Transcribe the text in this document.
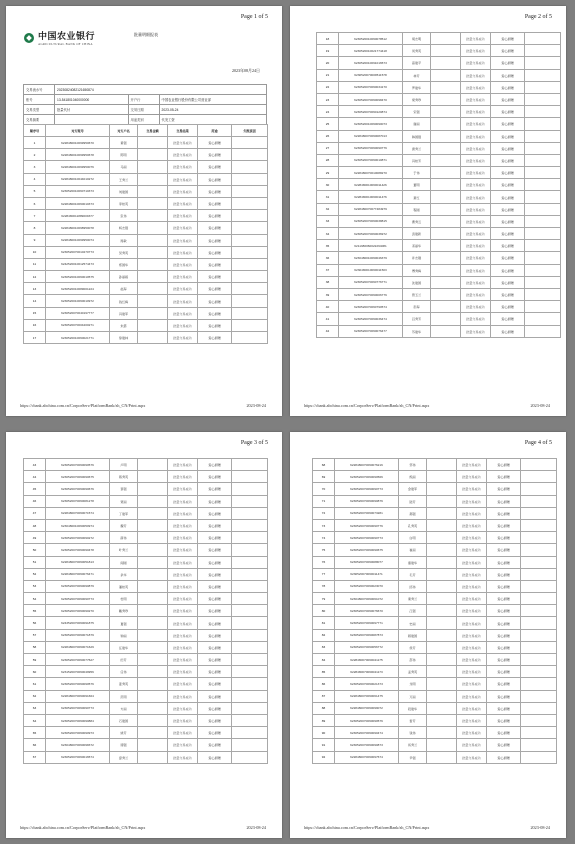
Page 1 of 5
中国农业银行
AGRICULTURAL BANK OF CHINA
批量明细报表
2023年08月24日
交易流水号	20230824082121650874		
账号	13-541801040000000	开户行	中国农业银行股份有限公司营业部
交易类型	批量代付	交易日期	2023-05-24
交易摘要		用途类别	代发工资
顺序号	对方账号	对方户名	交易金额	交易结果	用途	失败原因
1	6228480010099950670	黄强		批量交易成功	爱心捐赠	
2	6228480010099950678	陈明		批量交易成功	爱心捐赠	
3	6228480010099950076	马丽		批量交易成功	爱心捐赠	
4	6228480010044010272	王秀兰		批量交易成功	爱心捐赠	
5	6230520010060710373	刘建国		批量交易成功	爱心捐赠	
6	6228480010060010373	李桂英		批量交易成功	爱心捐赠	
7	6228480011889009377	张伟		批量交易成功	爱心捐赠	
8	6228480010098950078	杨志强		批量交易成功	爱心捐赠	
9	6228480010099950074	周敏		批量交易成功	爱心捐赠	
10	6230520070010270773	吴秀英		批量交易成功	爱心捐赠	
11	6242520010012574473	郑国华		批量交易成功	爱心捐赠	
12	6230520010060010575	孙丽娟		批量交易成功	爱心捐赠	
13	6230520010089001224	赵海		批量交易成功	爱心捐赠	
14	6230520010060010972	钱红梅		批量交易成功	爱心捐赠	
15	6230520070040197777	冯建军		批量交易成功	爱心捐赠	
16	6230520070004200271	朱霞		批量交易成功	爱心捐赠	
17	6230520010060021771	徐建林		批量交易成功	爱心捐赠	
https://cbank.abchina.com.cn/CorporServ/PlatformBank/zh_CN/Print.aspx	2023-08-24
Page 2 of 5
18	6230520010060078512	胡志明		批量交易成功	爱心捐赠	
19	6230520010021774418	何秀英		批量交易成功	爱心捐赠	
20	6230520010091016573	高建平		批量交易成功	爱心捐赠	
21	6230520070009511578	林芳		批量交易成功	爱心捐赠	
22	6230520070060034170	罗建华		批量交易成功	爱心捐赠	
23	6230520070060098470	梁秀珍		批量交易成功	爱心捐赠	
24	6230520070060120874	宋强		批量交易成功	爱心捐赠	
25	6230520010060090073	谢丽		批量交易成功	爱心捐赠	
26	6228480070060087013	韩国强		批量交易成功	爱心捐赠	
27	6230520070060090776	唐秀兰		批量交易成功	爱心捐赠	
28	6230520070060010871	冯桂芳		批量交易成功	爱心捐赠	
29	6228480070010088270	于伟		批量交易成功	爱心捐赠	
30	6228480010060011426	董明		批量交易成功	爱心捐赠	
31	6228480010060011476	萧红		批量交易成功	爱心捐赠	
32	6228480070077484979	程刚		批量交易成功	爱心捐赠	
33	6230520070060038815	曹秀云		批量交易成功	爱心捐赠	
34	6230520070060036972	袁建新		批量交易成功	爱心捐赠	
35	6211380060022294081	邓丽华		批量交易成功	爱心捐赠	
36	6230480010060046379	许志刚		批量交易成功	爱心捐赠	
37	6230480010060011503	傅秀梅		批量交易成功	爱心捐赠	
38	6230520070060776771	沈建国		批量交易成功	爱心捐赠	
39	6230520070060006776	曾玉兰		批量交易成功	爱心捐赠	
40	6230520070060790574	彭海		批量交易成功	爱心捐赠	
41	6230520070060036474	吕秀芳		批量交易成功	爱心捐赠	
42	6230520070060076477	苏建华		批量交易成功	爱心捐赠	
https://cbank.abchina.com.cn/CorporServ/PlatformBank/zh_CN/Print.aspx	2023-08-24
Page 3 of 5
43	6230520070060090576	卢明		批量交易成功	爱心捐赠	
44	6230520070060090675	蒋秀英		批量交易成功	爱心捐赠	
45	6230520070060090676	蔡强		批量交易成功	爱心捐赠	
46	6230520070060081278	贾丽		批量交易成功	爱心捐赠	
47	6228480070060071574	丁建军		批量交易成功	爱心捐赠	
48	6230480010060050974	魏芳		批量交易成功	爱心捐赠	
49	6230520070060090272	薛伟		批量交易成功	爱心捐赠	
50	6230520070060090478	叶秀兰		批量交易成功	爱心捐赠	
51	6228480070060051813	阎刚		批量交易成功	爱心捐赠	
52	6228480070060076471	余华		批量交易成功	爱心捐赠	
53	6230520070060090879	潘桂英		批量交易成功	爱心捐赠	
54	6230520070060090773	杜明		批量交易成功	爱心捐赠	
55	6230520070060090270	戴秀珍		批量交易成功	爱心捐赠	
56	6243520070060091875	夏强		批量交易成功	爱心捐赠	
57	6230520070060071879	钟丽		批量交易成功	爱心捐赠	
58	6228480070060071629	汪建华		批量交易成功	爱心捐赠	
59	6230520070060077627	田芳		批量交易成功	爱心捐赠	
60	6231520070060049956	任伟		批量交易成功	爱心捐赠	
61	6230520070060090576	姜秀英		批量交易成功	爱心捐赠	
62	6228480070060091664	范明		批量交易成功	爱心捐赠	
63	6230520070060090773	方丽		批量交易成功	爱心捐赠	
64	6230520070060090884	石建国		批量交易成功	爱心捐赠	
65	6230520070060090973	姚芳		批量交易成功	爱心捐赠	
66	6230480070060098372	谭强		批量交易成功	爱心捐赠	
67	6230520070060016574	廖秀兰		批量交易成功	爱心捐赠	
https://cbank.abchina.com.cn/CorporServ/PlatformBank/zh_CN/Print.aspx	2023-08-24
Page 4 of 5
68	6228480070060076216	邹伟		批量交易成功	爱心捐赠	
69	6230520070060090566	熊丽		批量交易成功	爱心捐赠	
70	6230520070060090773	金建军		批量交易成功	爱心捐赠	
71	6230520070060090876	陆芳		批量交易成功	爱心捐赠	
72	6230520070060073281	郝强		批量交易成功	爱心捐赠	
73	6230520070060090776	孔秀英		批量交易成功	爱心捐赠	
74	6230520070060090773	白明		批量交易成功	爱心捐赠	
75	6230520070060090675	崔丽		批量交易成功	爱心捐赠	
76	6230520070060088077	康建华		批量交易成功	爱心捐赠	
77	6230520070060011471	毛芳		批量交易成功	爱心捐赠	
78	6230520070060023070	邱伟		批量交易成功	爱心捐赠	
79	6230480070060061072	秦秀兰		批量交易成功	爱心捐赠	
80	6230520070060076670	江强		批量交易成功	爱心捐赠	
81	6230520070060097771	史丽		批量交易成功	爱心捐赠	
82	6230520070060087873	顾建国		批量交易成功	爱心捐赠	
83	6230520070060056772	侯芳		批量交易成功	爱心捐赠	
84	6228480070060041175	邵伟		批量交易成功	爱心捐赠	
85	6228480070060041173	孟秀英		批量交易成功	爱心捐赠	
86	6230520070060021373	龙明		批量交易成功	爱心捐赠	
87	6228480070060061475	万丽		批量交易成功	爱心捐赠	
88	6228480070060099072	段建华		批量交易成功	爱心捐赠	
89	6230520070060090576	雷芳		批量交易成功	爱心捐赠	
90	6230520070060090474	钱伟		批量交易成功	爱心捐赠	
91	6230520070060090873	汤秀兰		批量交易成功	爱心捐赠	
92	6228480070060097674	尹强		批量交易成功	爱心捐赠	
https://cbank.abchina.com.cn/CorporServ/PlatformBank/zh_CN/Print.aspx	2023-08-24
